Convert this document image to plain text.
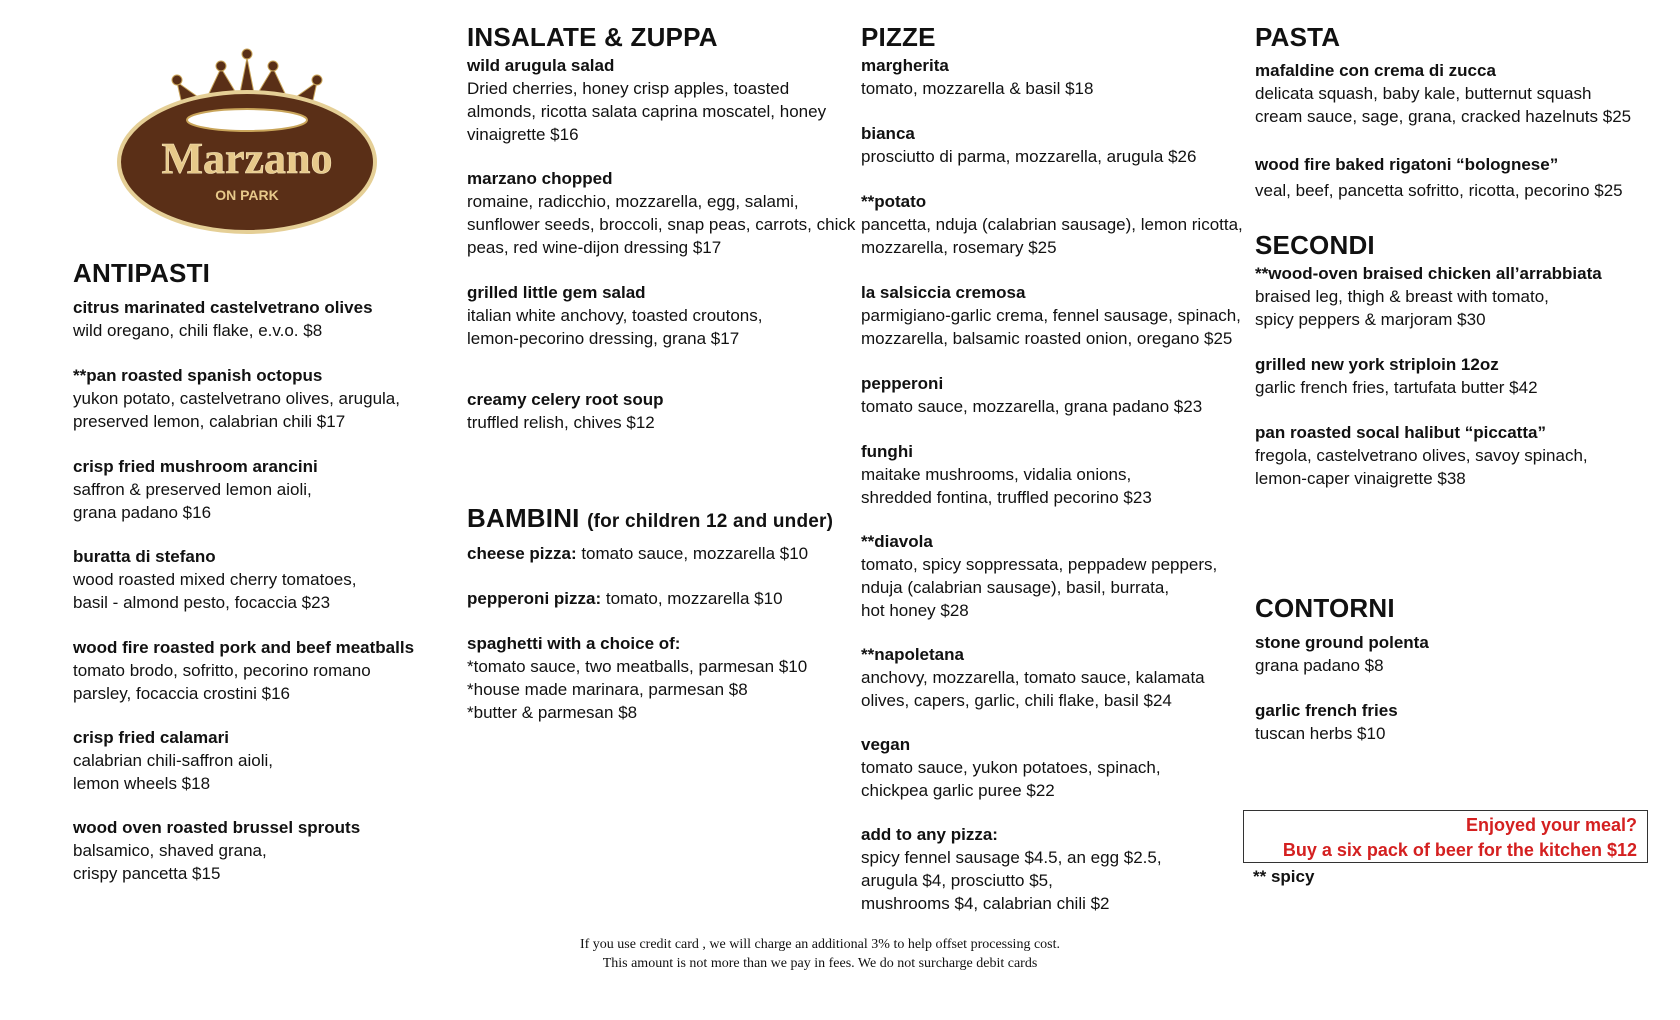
Marzano
ON PARK
ANTIPASTI
citrus marinated castelvetrano olives
wild oregano, chili flake, e.v.o. $8
**pan roasted spanish octopus
yukon potato, castelvetrano olives, arugula,
preserved lemon, calabrian chili $17
crisp fried mushroom arancini
saffron & preserved lemon aioli,
grana padano $16
buratta di stefano
wood roasted mixed cherry tomatoes,
basil - almond pesto, focaccia $23
wood fire roasted pork and beef meatballs
tomato brodo, sofritto, pecorino romano
parsley, focaccia crostini $16
crisp fried calamari
calabrian chili-saffron aioli,
lemon wheels $18
wood oven roasted brussel sprouts
balsamico, shaved grana,
crispy pancetta $15
INSALATE & ZUPPA
wild arugula salad
Dried cherries, honey crisp apples, toasted
almonds, ricotta salata caprina moscatel, honey
vinaigrette $16
marzano chopped
romaine, radicchio, mozzarella, egg, salami,
sunflower seeds, broccoli, snap peas, carrots, chick
peas, red wine-dijon dressing $17
grilled little gem salad
italian white anchovy, toasted croutons,
lemon-pecorino dressing, grana $17
creamy celery root soup
truffled relish, chives $12
BAMBINI (for children 12 and under)
cheese pizza: tomato sauce, mozzarella $10
pepperoni pizza: tomato, mozzarella $10
spaghetti with a choice of:
*tomato sauce, two meatballs, parmesan $10
*house made marinara, parmesan $8
*butter & parmesan $8
PIZZE
margherita
tomato, mozzarella & basil $18
bianca
prosciutto di parma, mozzarella, arugula $26
**potato
pancetta, nduja (calabrian sausage), lemon ricotta,
mozzarella, rosemary $25
la salsiccia cremosa
parmigiano-garlic crema, fennel sausage, spinach,
mozzarella, balsamic roasted onion, oregano $25
pepperoni
tomato sauce, mozzarella, grana padano $23
funghi
maitake mushrooms, vidalia onions,
shredded fontina, truffled pecorino $23
**diavola
tomato, spicy soppressata, peppadew peppers,
nduja (calabrian sausage), basil, burrata,
hot honey $28
**napoletana
anchovy, mozzarella, tomato sauce, kalamata
olives, capers, garlic, chili flake, basil $24
vegan
tomato sauce, yukon potatoes, spinach,
chickpea garlic puree $22
add to any pizza:
spicy fennel sausage $4.5, an egg $2.5,
arugula $4, prosciutto $5,
mushrooms $4, calabrian chili $2
PASTA
mafaldine con crema di zucca
delicata squash, baby kale, butternut squash
cream sauce, sage, grana, cracked hazelnuts $25
wood fire baked rigatoni “bolognese”
veal, beef, pancetta sofritto, ricotta, pecorino $25
SECONDI
**wood-oven braised chicken all’arrabbiata
braised leg, thigh & breast with tomato,
spicy peppers & marjoram $30
grilled new york striploin 12oz
garlic french fries, tartufata butter $42
pan roasted socal halibut “piccatta”
fregola, castelvetrano olives, savoy spinach,
lemon-caper vinaigrette $38
CONTORNI
stone ground polenta
grana padano $8
garlic french fries
tuscan herbs $10
Enjoyed your meal?
Buy a six pack of beer for the kitchen $12
** spicy
If you use credit card , we will charge an additional 3% to help offset processing cost.
This amount is not more than we pay in fees. We do not surcharge debit cards
